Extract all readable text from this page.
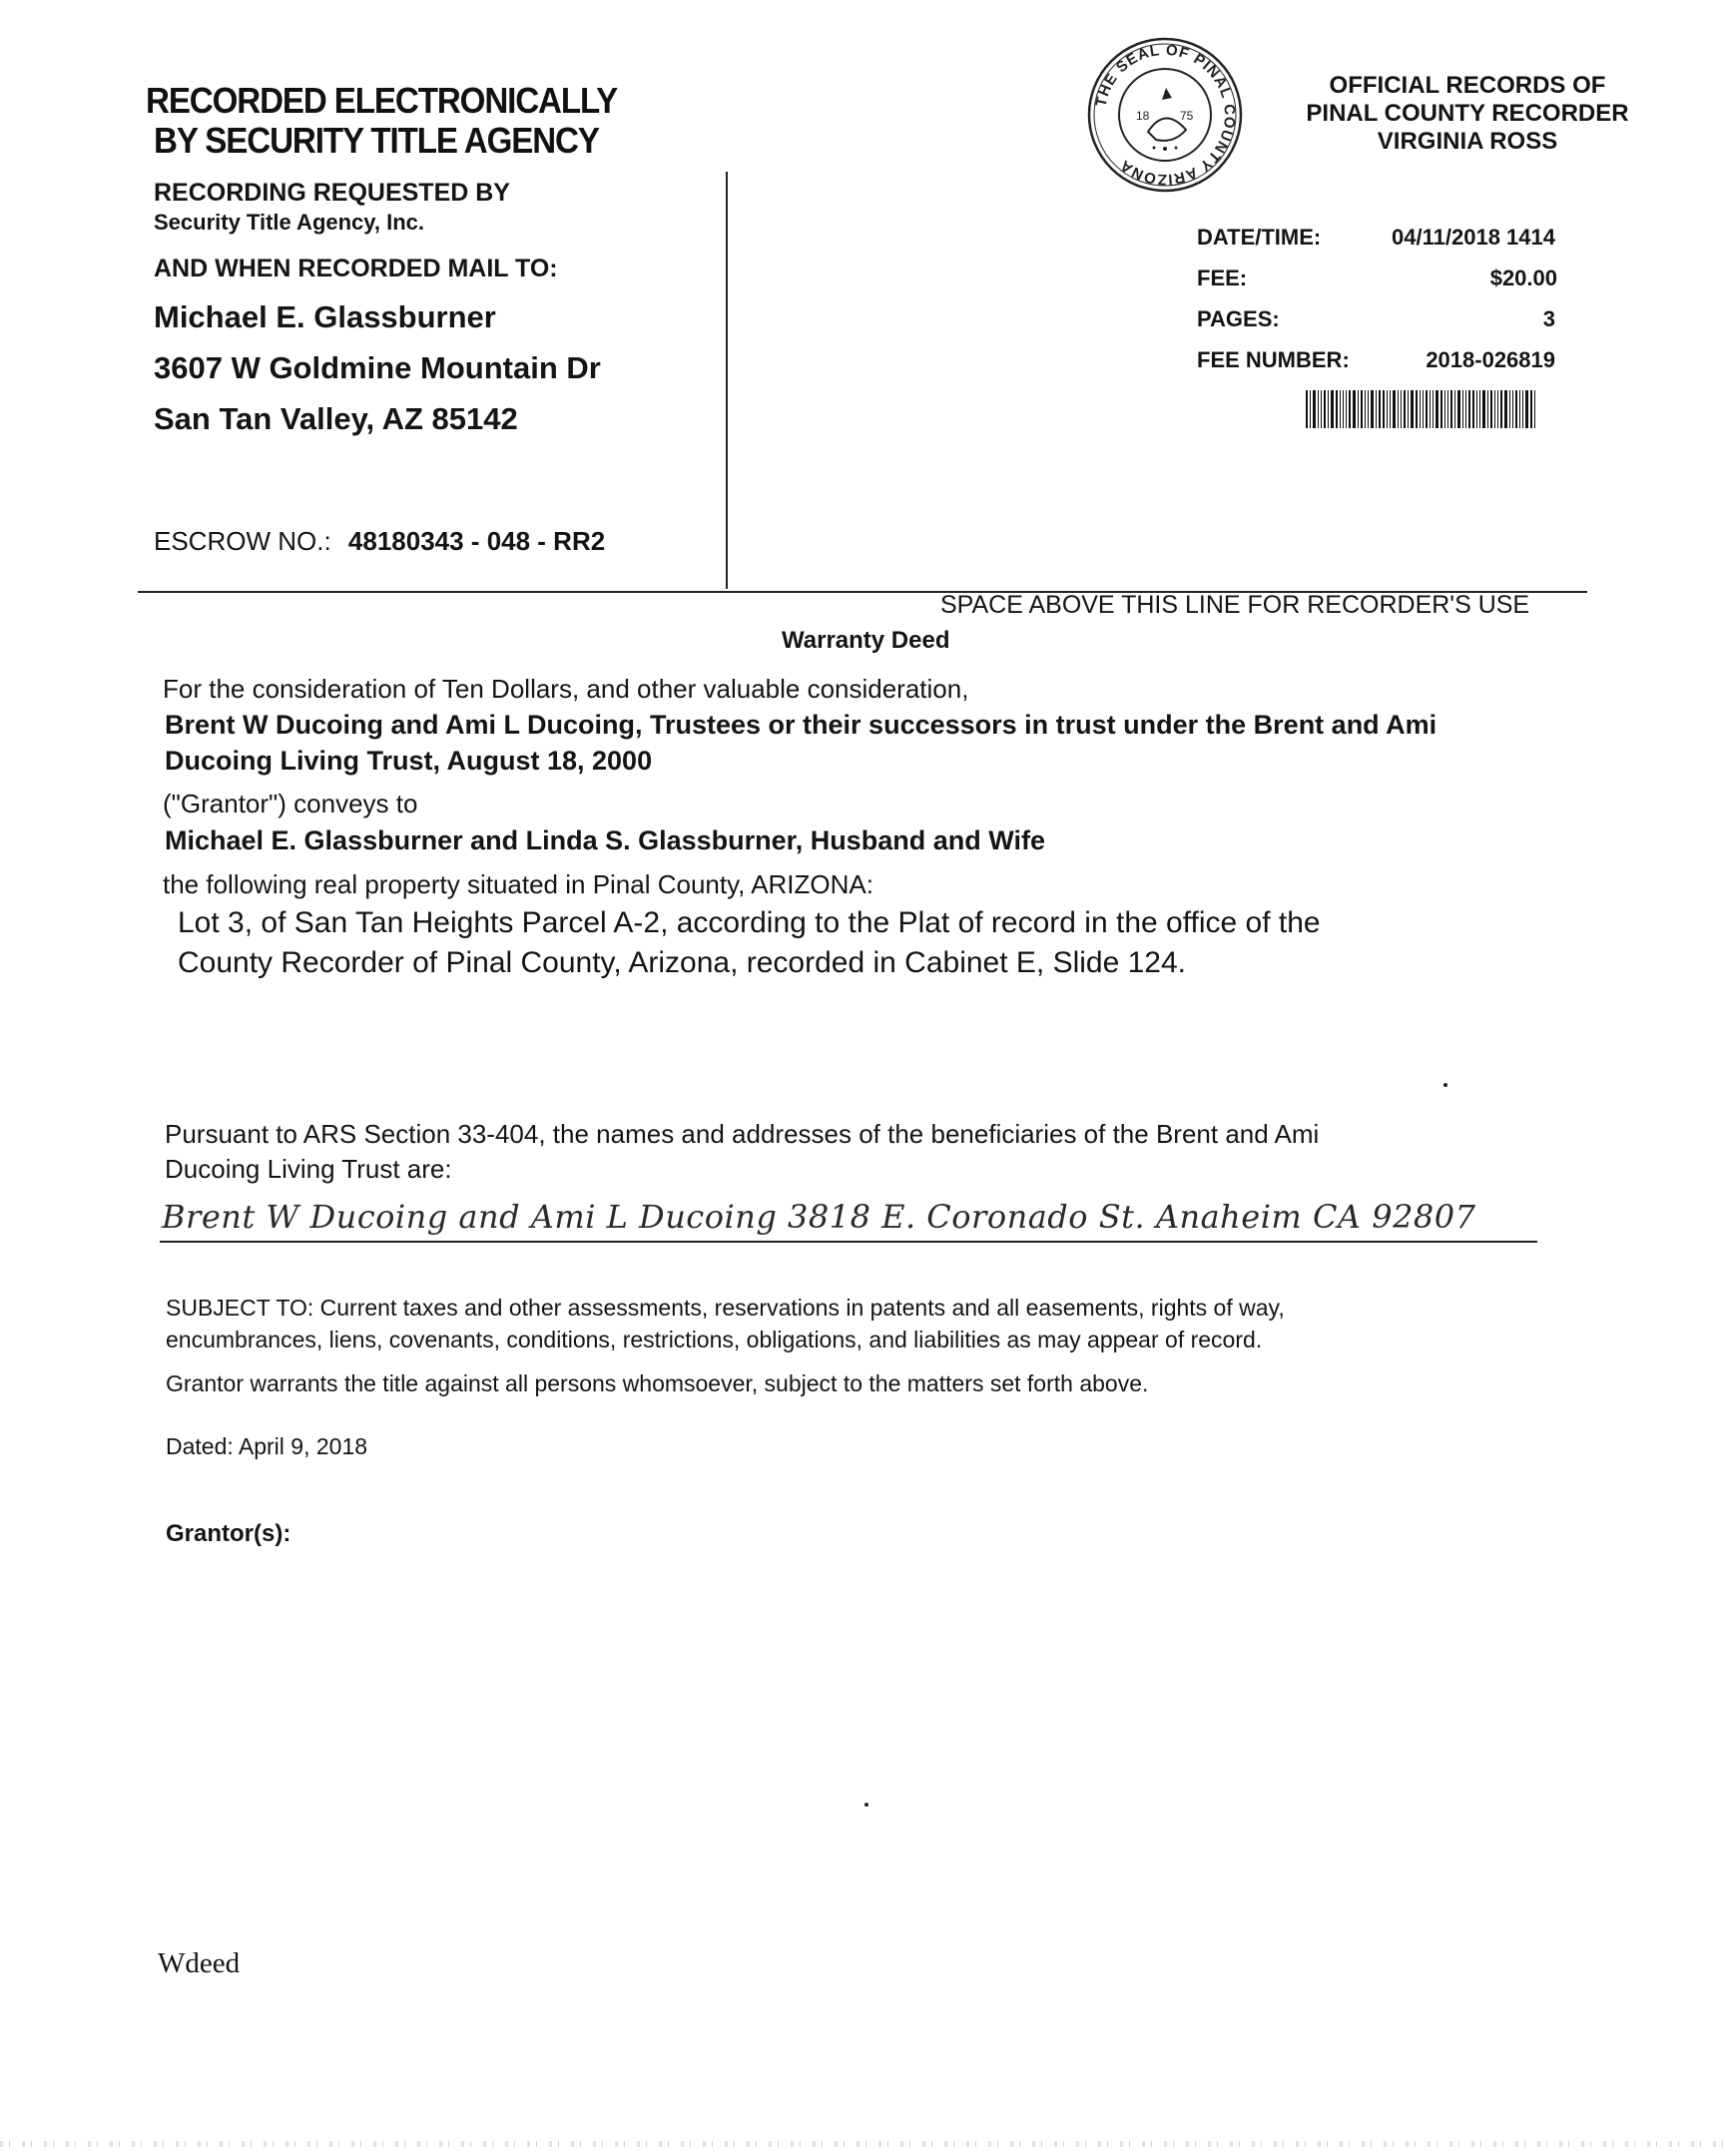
RECORDED ELECTRONICALLY
BY SECURITY TITLE AGENCY
RECORDING REQUESTED BY
Security Title Agency, Inc.
AND WHEN RECORDED MAIL TO:
Michael E. Glassburner
3607 W Goldmine Mountain Dr
San Tan Valley, AZ 85142
ESCROW NO.: 48180343 - 048 - RR2
THE SEAL OF PINAL COUNTY ARIZONA
18	75
OFFICIAL RECORDS OF
PINAL COUNTY RECORDER
VIRGINIA ROSS
DATE/TIME:	04/11/2018 1414
FEE:	$20.00
PAGES:	3
FEE NUMBER:	2018-026819
SPACE ABOVE THIS LINE FOR RECORDER'S USE
Warranty Deed
For the consideration of Ten Dollars, and other valuable consideration,
Brent W Ducoing and Ami L Ducoing, Trustees or their successors in trust under the Brent and Ami
Ducoing Living Trust, August 18, 2000
("Grantor") conveys to
Michael E. Glassburner and Linda S. Glassburner, Husband and Wife
the following real property situated in Pinal County, ARIZONA:
Lot 3, of San Tan Heights Parcel A-2, according to the Plat of record in the office of the
County Recorder of Pinal County, Arizona, recorded in Cabinet E, Slide 124.
Pursuant to ARS Section 33-404, the names and addresses of the beneficiaries of the Brent and Ami
Ducoing Living Trust are:
Brent W Ducoing and Ami L Ducoing 3818 E. Coronado St. Anaheim CA 92807
SUBJECT TO: Current taxes and other assessments, reservations in patents and all easements, rights of way,
encumbrances, liens, covenants, conditions, restrictions, obligations, and liabilities as may appear of record.
Grantor warrants the title against all persons whomsoever, subject to the matters set forth above.
Dated: April 9, 2018
Grantor(s):
Wdeed
